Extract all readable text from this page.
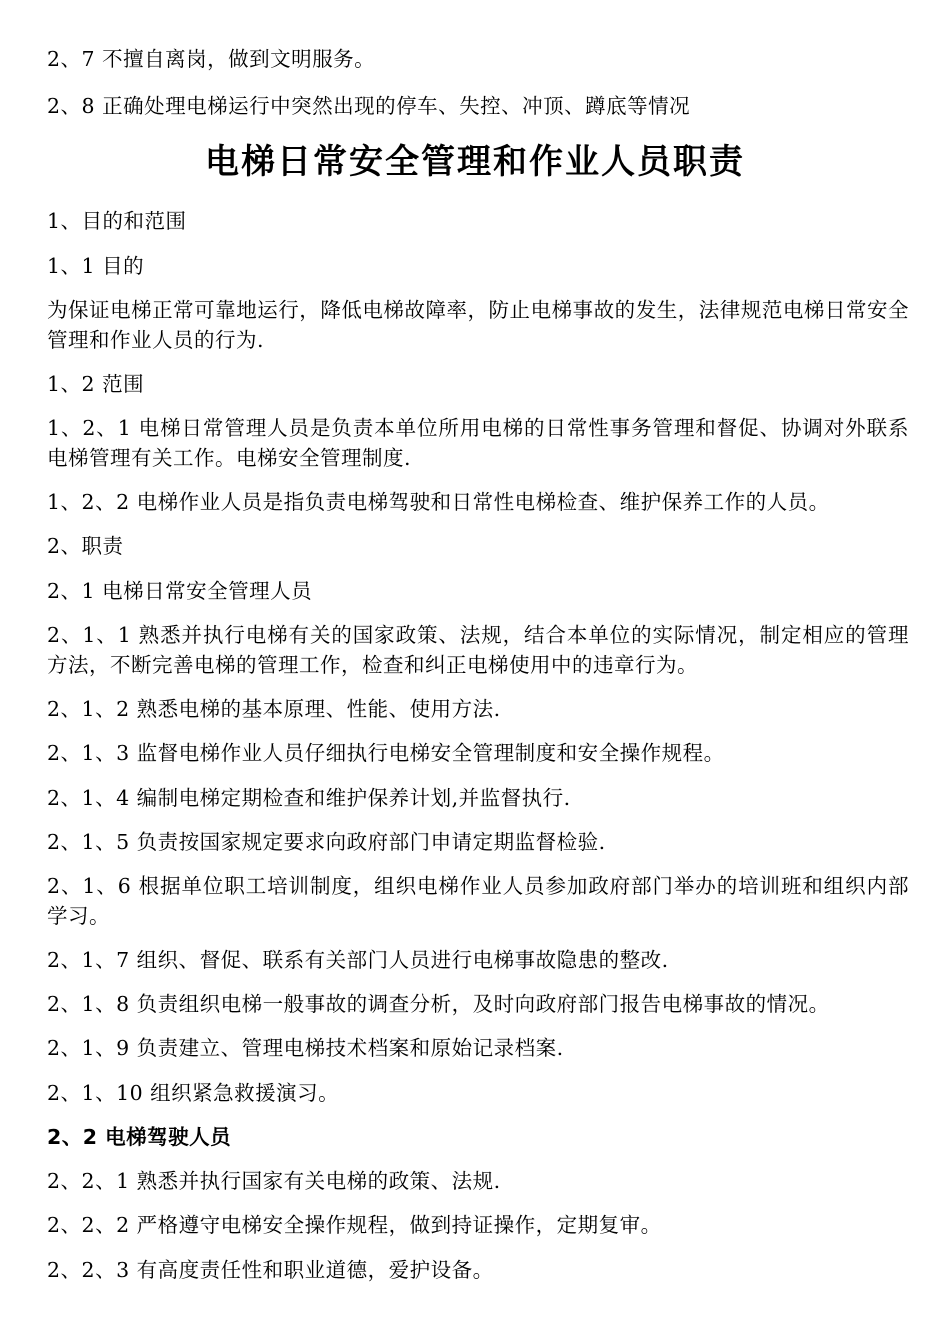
2、7 不擅自离岗，做到文明服务。
2、8 正确处理电梯运行中突然出现的停车、失控、冲顶、蹲底等情况
电梯日常安全管理和作业人员职责
1、目的和范围
1、1 目的
为保证电梯正常可靠地运行，降低电梯故障率，防止电梯事故的发生，法律规范电梯日常安全管理和作业人员的行为.
1、2 范围
1、2、1 电梯日常管理人员是负责本单位所用电梯的日常性事务管理和督促、协调对外联系电梯管理有关工作。电梯安全管理制度.
1、2、2 电梯作业人员是指负责电梯驾驶和日常性电梯检查、维护保养工作的人员。
2、职责
2、1 电梯日常安全管理人员
2、1、1 熟悉并执行电梯有关的国家政策、法规，结合本单位的实际情况，制定相应的管理方法，不断完善电梯的管理工作，检查和纠正电梯使用中的违章行为。
2、1、2 熟悉电梯的基本原理、性能、使用方法.
2、1、3 监督电梯作业人员仔细执行电梯安全管理制度和安全操作规程。
2、1、4 编制电梯定期检查和维护保养计划,并监督执行.
2、1、5 负责按国家规定要求向政府部门申请定期监督检验.
2、1、6 根据单位职工培训制度，组织电梯作业人员参加政府部门举办的培训班和组织内部学习。
2、1、7 组织、督促、联系有关部门人员进行电梯事故隐患的整改.
2、1、8 负责组织电梯一般事故的调查分析，及时向政府部门报告电梯事故的情况。
2、1、9 负责建立、管理电梯技术档案和原始记录档案.
2、1、10 组织紧急救援演习。
2、2 电梯驾驶人员
2、2、1 熟悉并执行国家有关电梯的政策、法规.
2、2、2 严格遵守电梯安全操作规程，做到持证操作，定期复审。
2、2、3 有高度责任性和职业道德，爱护设备。
